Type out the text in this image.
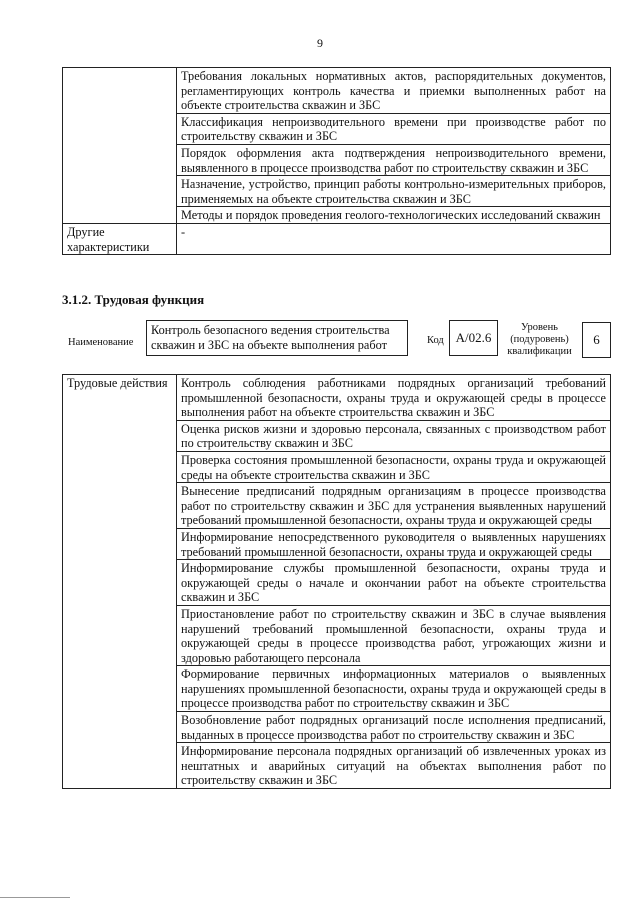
9
	Требования локальных нормативных актов, распорядительных документов, регламентирующих контроль качества и приемки выполненных работ на объекте строительства скважин и ЗБС
	Классификация непроизводительного времени при производстве работ по строительству скважин и ЗБС
	Порядок оформления акта подтверждения непроизводительного времени, выявленного в процессе производства работ по строительству скважин и ЗБС
	Назначение, устройство, принцип работы контрольно-измерительных приборов, применяемых на объекте строительства скважин и ЗБС
	Методы и порядок проведения геолого-технологических исследований скважин
Другие характеристики	-
3.1.2. Трудовая функция
Наименование
Контроль безопасного ведения строительства скважин и ЗБС на объекте выполнения работ	Код A/02.6
Уровень (подуровень) квалификации
6
Трудовые действия	Контроль соблюдения работниками подрядных организаций требований промышленной безопасности, охраны труда и окружающей среды в процессе выполнения работ на объекте строительства скважин и ЗБС
Оценка рисков жизни и здоровью персонала, связанных с производством работ по строительству скважин и ЗБС
Проверка состояния промышленной безопасности, охраны труда и окружающей среды на объекте строительства скважин и ЗБС
Вынесение предписаний подрядным организациям в процессе производства работ по строительству скважин и ЗБС для устранения выявленных нарушений требований промышленной безопасности, охраны труда и окружающей среды
Информирование непосредственного руководителя о выявленных нарушениях требований промышленной безопасности, охраны труда и окружающей среды
Информирование службы промышленной безопасности, охраны труда и окружающей среды о начале и окончании работ на объекте строительства скважин и ЗБС
Приостановление работ по строительству скважин и ЗБС в случае выявления нарушений требований промышленной безопасности, охраны труда и окружающей среды в процессе производства работ, угрожающих жизни и здоровью работающего персонала
Формирование первичных информационных материалов о выявленных нарушениях промышленной безопасности, охраны труда и окружающей среды в процессе производства работ по строительству скважин и ЗБС
Возобновление работ подрядных организаций после исполнения предписаний, выданных в процессе производства работ по строительству скважин и ЗБС
Информирование персонала подрядных организаций об извлеченных уроках из нештатных и аварийных ситуаций на объектах выполнения работ по строительству скважин и ЗБС
